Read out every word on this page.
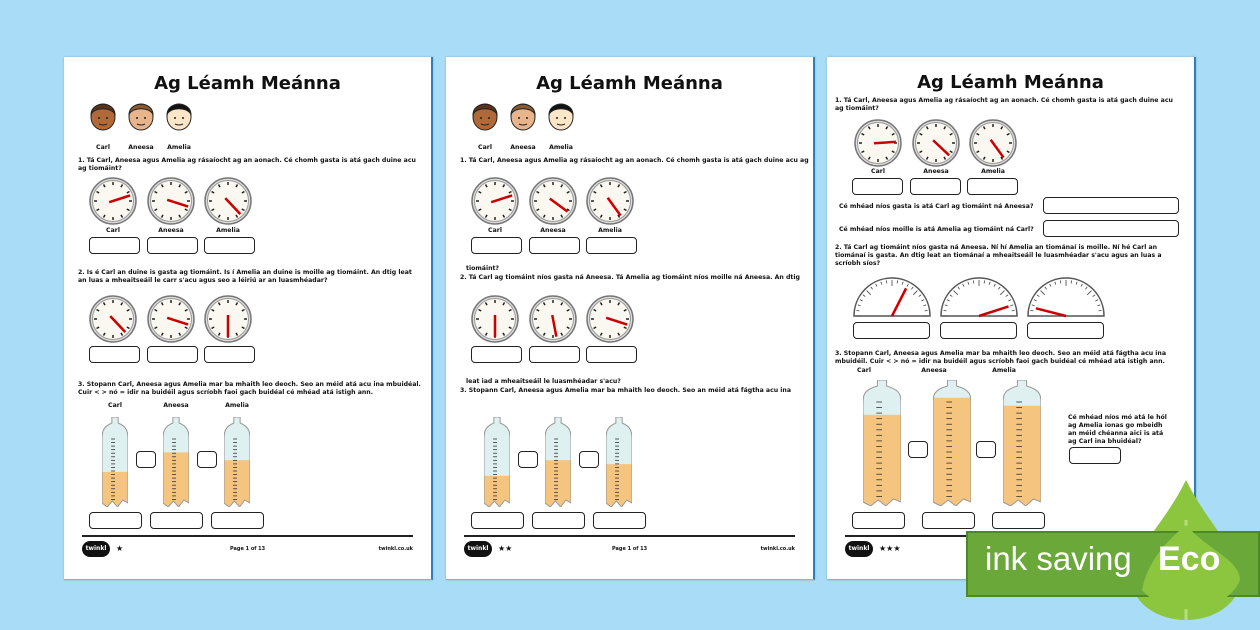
Ag Léamh Meánna
Carl	Aneesa	Amelia
1. Tá Carl, Aneesa agus Amelia ag rásaíocht ag an aonach. Cé chomh gasta is atá gach duine acu
ag tiomáint?
Carl	Aneesa	Amelia
2. Is é Carl an duine is gasta ag tiomáint. Is í Amelia an duine is moille ag tiomáint. An dtig leat
an luas a mheaitseáil le carr s'acu agus seo a léiriú ar an luasmhéadar?
3. Stopann Carl, Aneesa agus Amelia mar ba mhaith leo deoch. Seo an méid atá acu ina mbuidéal.
Cuir < > nó = idir na buidéil agus scríobh faoi gach buidéal cé mhéad atá istigh ann.
Carl	Aneesa	Amelia
twinkl	★	Page 1 of 13	twinkl.co.uk
Ag Léamh Meánna
Carl	Aneesa	Amelia
1. Tá Carl, Aneesa agus Amelia ag rásaíocht ag an aonach. Cé chomh gasta is atá gach duine acu ag
Carl	Aneesa	Amelia
tiomáint?
2. Tá Carl ag tiomáint níos gasta ná Aneesa. Tá Amelia ag tiomáint níos moille ná Aneesa. An dtig
leat iad a mheaitseáil le luasmhéadar s'acu?
3. Stopann Carl, Aneesa agus Amelia mar ba mhaith leo deoch. Seo an méid atá fágtha acu ina
twinkl	★★	Page 1 of 13	twinkl.co.uk
Ag Léamh Meánna
1. Tá Carl, Aneesa agus Amelia ag rásaíocht ag an aonach. Cé chomh gasta is atá gach duine acu
ag tiomáint?
Carl	Aneesa	Amelia
Cé mhéad níos gasta is atá Carl ag tiomáint ná Aneesa?
Cé mhéad níos moille is atá Amelia ag tiomáint ná Carl?
2. Tá Carl ag tiomáint níos gasta ná Aneesa. Ní hí Amelia an tiománaí is moille. Ní hé Carl an
tiománaí is gasta. An dtig leat an tiománaí a mheaitseáil le luasmhéadar s'acu agus an luas a
scríobh síos?
3. Stopann Carl, Aneesa agus Amelia mar ba mhaith leo deoch. Seo an méid atá fágtha acu ina
mbuidéil. Cuir < > nó = idir na buidéil agus scríobh faoi gach buidéal cé mhéad atá istigh ann.
Carl	Aneesa	Amelia
Cé mhéad níos mó atá le hól
ag Amelia ionas go mbeidh
an méid chéanna aici is atá
ag Carl ina bhuidéal?
twinkl	★★★	ink saving Eco
